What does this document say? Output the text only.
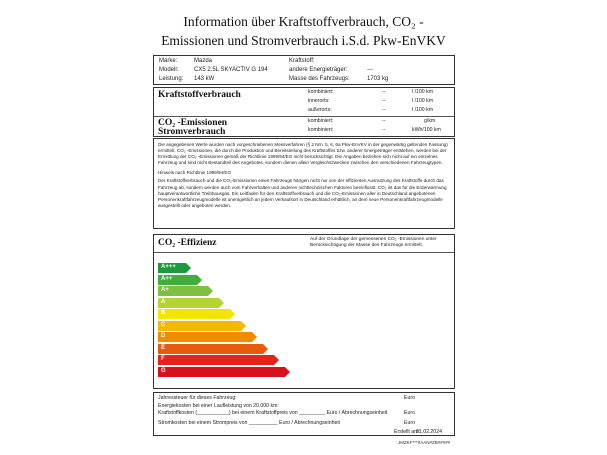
Information über Kraftstoffverbrauch, CO₂ -
Emissionen und Stromverbrauch i.S.d. Pkw-EnVKV
Marke:	Mazda
Modell:	CX5 2.5L SKYACTIV G 194
Leistung: 143 kW
Kraftstoff:
andere Energieträger:	---
Masse des Fahrzeugs:	1703 kg
Kraftstoffverbrauch	kombiniert:	--	l /100 km
innerorts:	--	l /100 km
außerorts:	--	l /100 km
CO₂ -Emissionen
Stromverbrauch
kombiniert:	--	g/km
kombiniert:	--	kWh/100 km
Die angegebenen Werte wurden nach vorgeschriebenen Messverfahren (§ 2 Nrn. 5, 6, 6a Pkw-EnVKV in der gegenwärtig geltenden Fassung) ermittelt. CO₂ -Emissionen, die durch die Produktion und Bereitstellung des Kraftstoffes bzw. anderer Energieträger entstehen, werden bei der Ermittlung der CO₂ -Emissionen gemäß der Richtlinie 1999/94/EG nicht berücksichtigt. Die Angaben beziehen sich nicht auf ein einzelnes Fahrzeug und sind nicht Bestandteil des Angebotes, sondern dienen allein Vergleichszwecken zwischen den verschiedenen Fahrzeugtypen.
Hinweis nach Richtlinie 1999/94/EG
Der Kraftstoffverbrauch und die CO₂-Emissionen eines Fahrzeugs hängen nicht nur von der effizienten Ausnutzung des Kraftstoffs durch das Fahrzeug ab, sondern werden auch vom Fahrverhalten und anderen nichttechnischen Faktoren beeinflusst. CO₂ ist das für die Erderwärmung hauptverantwortliche Treibhausgas. Ein Leitfaden für den Kraftstoffverbrauch und die CO₂-Emissionen aller in Deutschland angebotenen Personenkraftfahrzeugmodelle ist unentgeltlich an jedem Verkaufsort in Deutschland erhältlich, an dem neue Personenkraftfahrzeugmodelle ausgestellt oder angeboten werden.
CO₂ -Effizienz	Auf der Grundlage der gemessenen CO₂ -Emissionen unter Berücksichtigung der Masse des Fahrzeugs ermittelt.
A+++
A++
A+
A
B
C
D
E
F
G
Jahressteuer für dieses Fahrzeug:	Euro
Energiekosten bei einer Laufleistung von 20.000 km:
Kraftstoffkosten (___________) bei einem Kraftstoffpreis von _________ Euro / Abrechnungseinheit	Euro
Stromkosten bei einem Strompreis von __________ Euro / Abrechnungseinheit	Euro
Erstellt am:
01.02.2024
JMZKF***#AAN#ZB#####
